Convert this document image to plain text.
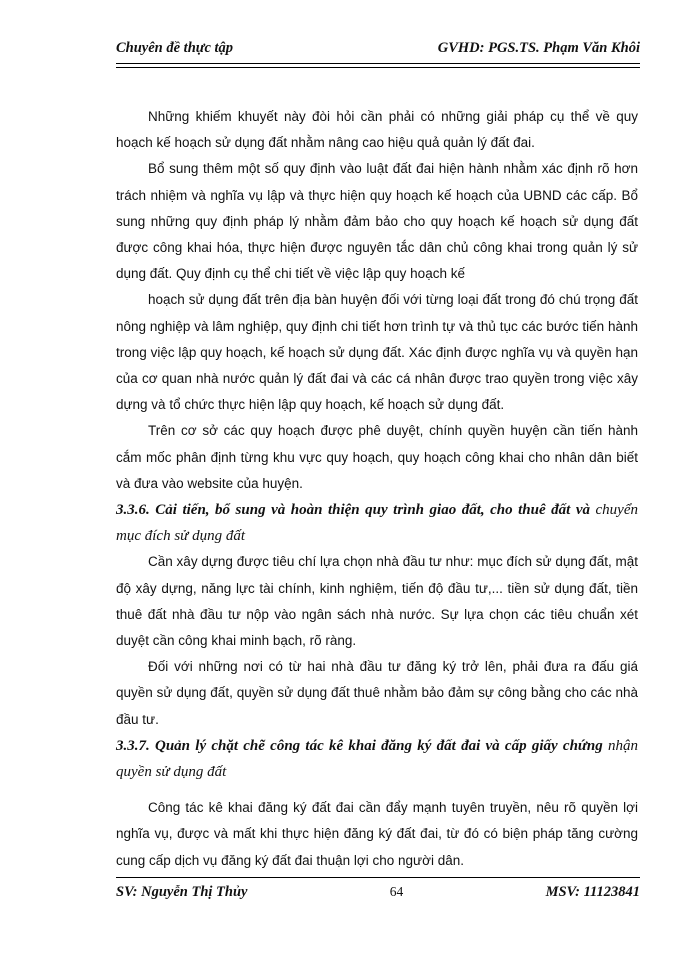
Chuyên đề thực tập	GVHD: PGS.TS. Phạm Văn Khôi

Những khiếm khuyết này đòi hỏi cần phải có những giải pháp cụ thể về quy hoạch kế hoạch sử dụng đất nhằm nâng cao hiệu quả quản lý đất đai.

Bổ sung thêm một số quy định vào luật đất đai hiện hành nhằm xác định rõ hơn trách nhiệm và nghĩa vụ lập và thực hiện quy hoạch kế hoạch của UBND các cấp. Bổ sung những quy định pháp lý nhằm đảm bảo cho quy hoạch kế hoạch sử dụng đất được công khai hóa, thực hiện được nguyên tắc dân chủ công khai trong quản lý sử dụng đất. Quy định cụ thể chi tiết về việc lập quy hoạch kế

hoạch sử dụng đất trên địa bàn huyện đối với từng loại đất trong đó chú trọng đất nông nghiệp và lâm nghiệp, quy định chi tiết hơn trình tự và thủ tục các bước tiến hành trong việc lập quy hoạch, kế hoạch sử dụng đất. Xác định được nghĩa vụ và quyền hạn của cơ quan nhà nước quản lý đất đai và các cá nhân được trao quyền trong việc xây dựng và tổ chức thực hiện lập quy hoạch, kế hoạch sử dụng đất.

Trên cơ sở các quy hoạch được phê duyệt, chính quyền huyện cần tiến hành cắm mốc phân định từng khu vực quy hoạch, quy hoạch công khai cho nhân dân biết và đưa vào website của huyện.

3.3.6. Cải tiến, bổ sung và hoàn thiện quy trình giao đất, cho thuê đất và chuyển mục đích sử dụng đất

Cần xây dựng được tiêu chí lựa chọn nhà đầu tư như: mục đích sử dụng đất, mật độ xây dựng, năng lực tài chính, kinh nghiệm, tiến độ đầu tư,... tiền sử dụng đất, tiền thuê đất nhà đầu tư nộp vào ngân sách nhà nước. Sự lựa chọn các tiêu chuẩn xét duyệt cần công khai minh bạch, rõ ràng.

Đối với những nơi có từ hai nhà đầu tư đăng ký trở lên, phải đưa ra đấu giá quyền sử dụng đất, quyền sử dụng đất thuê nhằm bảo đảm sự công bằng cho các nhà đầu tư.

3.3.7. Quản lý chặt chẽ công tác kê khai đăng ký đất đai và cấp giấy chứng nhận quyền sử dụng đất

Công tác kê khai đăng ký đất đai cần đẩy mạnh tuyên truyền, nêu rõ quyền lợi nghĩa vụ, được và mất khi thực hiện đăng ký đất đai, từ đó có biện pháp tăng cường cung cấp dịch vụ đăng ký đất đai thuận lợi cho người dân.

SV: Nguyễn Thị Thủy	64	MSV: 11123841
